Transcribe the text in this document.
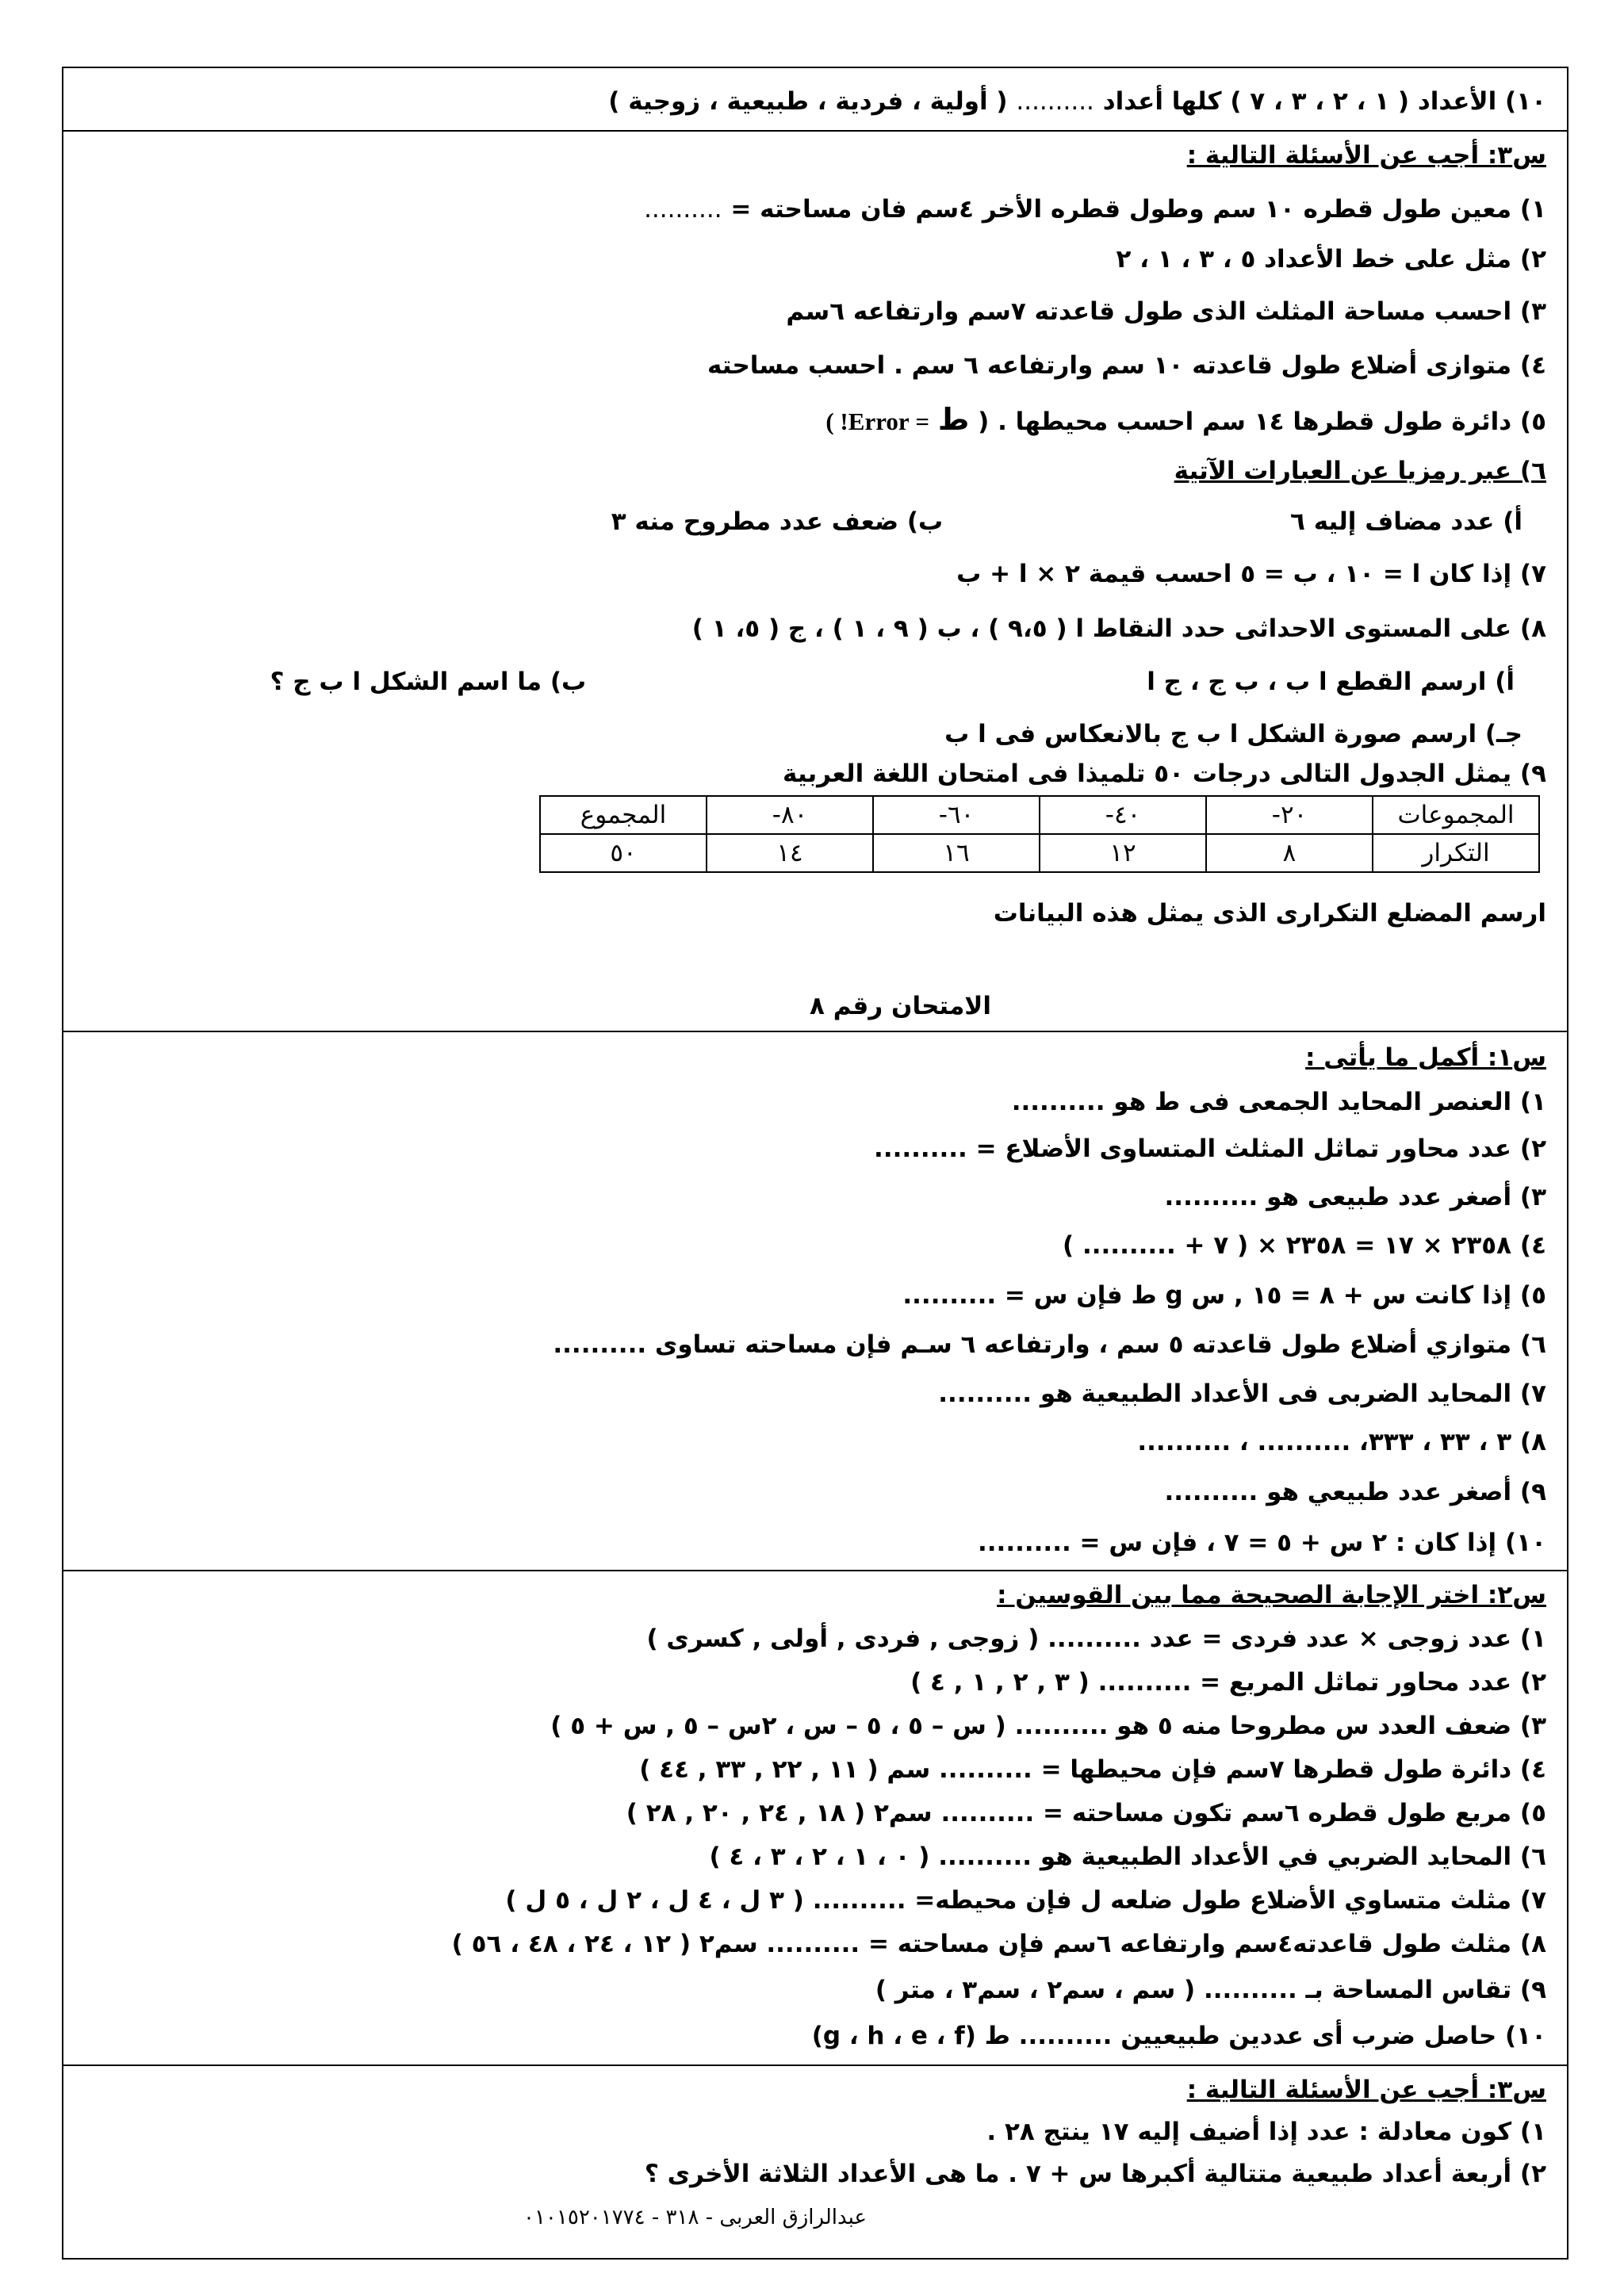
١٠) الأعداد ( ١ ، ٢ ، ٣ ، ٧ ) كلها أعداد .......... ( أولية ، فردية ، طبيعية ، زوجية )
س٣: أجب عن الأسئلة التالية :
١) معين طول قطره ١٠ سم وطول قطره الأخر ٤سم فان مساحته = ..........
٢) مثل على خط الأعداد ٥ ، ٣ ، ١ ، ٢
٣) احسب مساحة المثلث الذى طول قاعدته ٧سم وارتفاعه ٦سم
٤) متوازى أضلاع طول قاعدته ١٠ سم وارتفاعه ٦ سم . احسب مساحته
٥) دائرة طول قطرها ١٤ سم احسب محيطها . ( ط = Error! )
٦) عبر رمزيا عن العبارات الآتية
أ) عدد مضاف إليه ٦ ب) ضعف عدد مطروح منه ٣
٧) إذا كان ا = ١٠ ، ب = ٥ احسب قيمة ٢ × ا + ب
٨) على المستوى الاحداثى حدد النقاط ا ( ٩،٥ ) ، ب ( ٩ ، ١ ) ، ج ( ٥، ١ )
أ) ارسم القطع ا ب ، ب ج ، ج ا ب) ما اسم الشكل ا ب ج ؟
جـ) ارسم صورة الشكل ا ب ج بالانعكاس فى ا ب
٩) يمثل الجدول التالى درجات ٥٠ تلميذا فى امتحان اللغة العربية
المجموعات	٢٠-	٤٠-	٦٠-	٨٠-	المجموع
التكرار	٨	١٢	١٦	١٤	٥٠
ارسم المضلع التكرارى الذى يمثل هذه البيانات
الامتحان رقم ٨
س١: أكمل ما يأتى :
١) العنصر المحايد الجمعى فى ط هو ..........
٢) عدد محاور تماثل المثلث المتساوى الأضلاع = ..........
٣) أصغر عدد طبيعى هو ..........
٤) ٢٣٥٨ × ١٧ = ٢٣٥٨ × ( ٧ + .......... )
٥) إذا كانت س + ٨ = ١٥ , س g ط فإن س = ..........
٦) متوازي أضلاع طول قاعدته ٥ سم ، وارتفاعه ٦ سـم فإن مساحته تساوى ..........
٧) المحايد الضربى فى الأعداد الطبيعية هو ..........
٨) ٣ ، ٣٣ ، ٣٣٣، .......... ، ..........
٩) أصغر عدد طبيعي هو ..........
١٠) إذا كان : ٢ س + ٥ = ٧ ، فإن س = ..........
س٢: اختر الإجابة الصحيحة مما بين القوسين :
١) عدد زوجى × عدد فردى = عدد .......... ( زوجى , فردى , أولى , كسرى )
٢) عدد محاور تماثل المربع = .......... ( ٣ , ٢ , ١ , ٤ )
٣) ضعف العدد س مطروحا منه ٥ هو .......... ( س – ٥ ، ٥ – س ، ٢س – ٥ , س + ٥ )
٤) دائرة طول قطرها ٧سم فإن محيطها = .......... سم ( ١١ , ٢٢ , ٣٣ , ٤٤ )
٥) مربع طول قطره ٦سم تكون مساحته = .......... سم٢ ( ١٨ , ٢٤ , ٢٠ , ٢٨ )
٦) المحايد الضربي في الأعداد الطبيعية هو .......... ( ٠ ، ١ ، ٢ ، ٣ ، ٤ )
٧) مثلث متساوي الأضلاع طول ضلعه ل فإن محيطه= .......... ( ٣ ل ، ٤ ل ، ٢ ل ، ٥ ل )
٨) مثلث طول قاعدته٤سم وارتفاعه ٦سم فإن مساحته = .......... سم٢ ( ١٢ ، ٢٤ ، ٤٨ ، ٥٦ )
٩) تقاس المساحة بـ .......... ( سم ، سم٢ ، سم٣ ، متر )
١٠) حاصل ضرب أى عددين طبيعيين .......... ط (g ، h ، e ، f)
س٣: أجب عن الأسئلة التالية :
١) كون معادلة : عدد إذا أضيف إليه ١٧ ينتج ٢٨ .
٢) أربعة أعداد طبيعية متتالية أكبرها س + ٧ . ما هى الأعداد الثلاثة الأخرى ؟
عبدالرازق العربى - ٣١٨ - ٠١٠١٥٢٠١٧٧٤
